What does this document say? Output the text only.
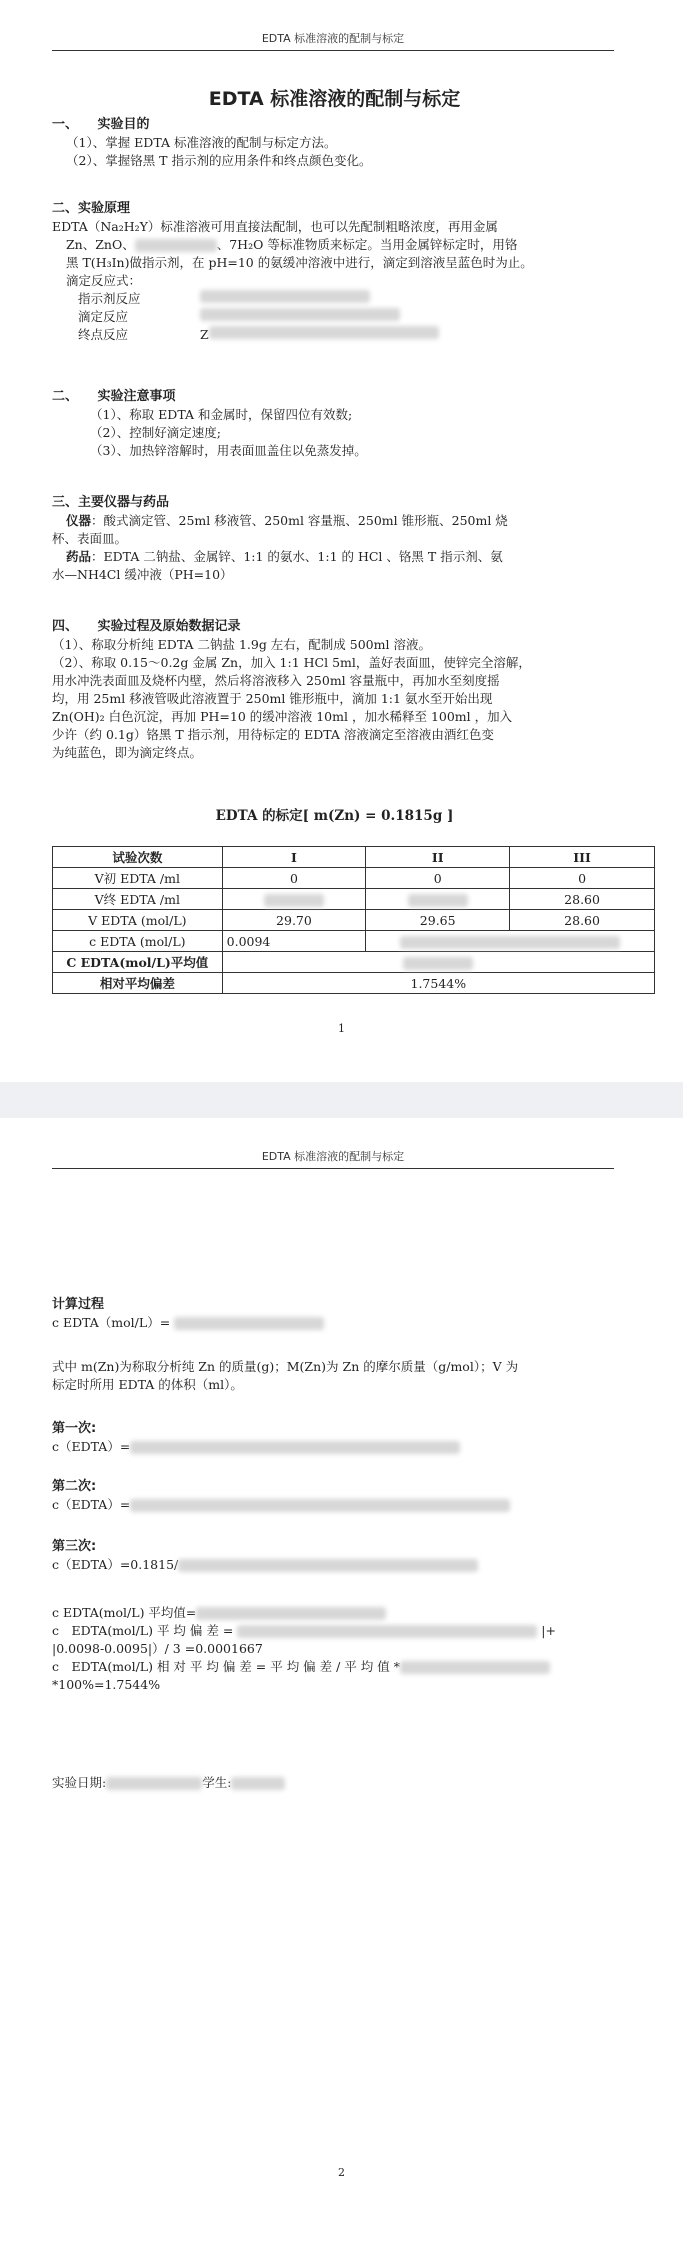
EDTA 标准溶液的配制与标定
EDTA 标准溶液的配制与标定
一、　　实验目的
（1）、掌握 EDTA 标准溶液的配制与标定方法。
（2）、掌握铬黑 T 指示剂的应用条件和终点颜色变化。
二、实验原理
EDTA（Na₂H₂Y）标准溶液可用直接法配制，也可以先配制粗略浓度，再用金属
Zn、ZnO、	、7H₂O 等标准物质来标定。当用金属锌标定时，用铬
黑 T(H₃In)做指示剂，在 pH=10 的氨缓冲溶液中进行，滴定到溶液呈蓝色时为止。
滴定反应式：
指示剂反应
滴定反应
终点反应	Z
二、　　实验注意事项
（1）、称取 EDTA 和金属时，保留四位有效数;
（2）、控制好滴定速度;
（3）、加热锌溶解时，用表面皿盖住以免蒸发掉。
三、主要仪器与药品
仪器：酸式滴定管、25ml 移液管、250ml 容量瓶、250ml 锥形瓶、250ml 烧
杯、表面皿。
药品：EDTA 二钠盐、金属锌、1:1 的氨水、1:1 的 HCl 、铬黑 T 指示剂、氨
水—NH4Cl 缓冲液（PH=10）
四、　　实验过程及原始数据记录
（1）、称取分析纯 EDTA 二钠盐 1.9g 左右，配制成 500ml 溶液。
（2）、称取 0.15～0.2g 金属 Zn，加入 1:1 HCl 5ml，盖好表面皿，使锌完全溶解，
用水冲洗表面皿及烧杯内壁，然后将溶液移入 250ml 容量瓶中，再加水至刻度摇
均，用 25ml 移液管吸此溶液置于 250ml 锥形瓶中，滴加 1:1 氨水至开始出现
Zn(OH)₂ 白色沉淀，再加 PH=10 的缓冲溶液 10ml ，加水稀释至 100ml ，加入
少许（约 0.1g）铬黑 T 指示剂，用待标定的 EDTA 溶液滴定至溶液由酒红色变
为纯蓝色，即为滴定终点。
EDTA 的标定[ m(Zn) = 0.1815g ]
试验次数	I	II	III
V初 EDTA /ml	0	0	0
V终 EDTA /ml			28.60
V EDTA (mol/L)	29.70	29.65	28.60
c EDTA (mol/L)	0.0094		
C EDTA(mol/L)平均值			
相对平均偏差	1.7544%		
1
EDTA 标准溶液的配制与标定
计算过程
c EDTA（mol/L）=
式中 m(Zn)为称取分析纯 Zn 的质量(g)；M(Zn)为 Zn 的摩尔质量（g/mol）；V 为
标定时所用 EDTA 的体积（ml）。
第一次:
c（EDTA）=
第二次:
c（EDTA）=
第三次:
c（EDTA）=0.1815/
c EDTA(mol/L) 平均值=
c　EDTA(mol/L) 平 均 偏 差 =	|+
|0.0098-0.0095|）/ 3 =0.0001667
c　EDTA(mol/L) 相 对 平 均 偏 差 = 平 均 偏 差 / 平 均 值 *
*100%=1.7544%
实验日期:	学生:
2
